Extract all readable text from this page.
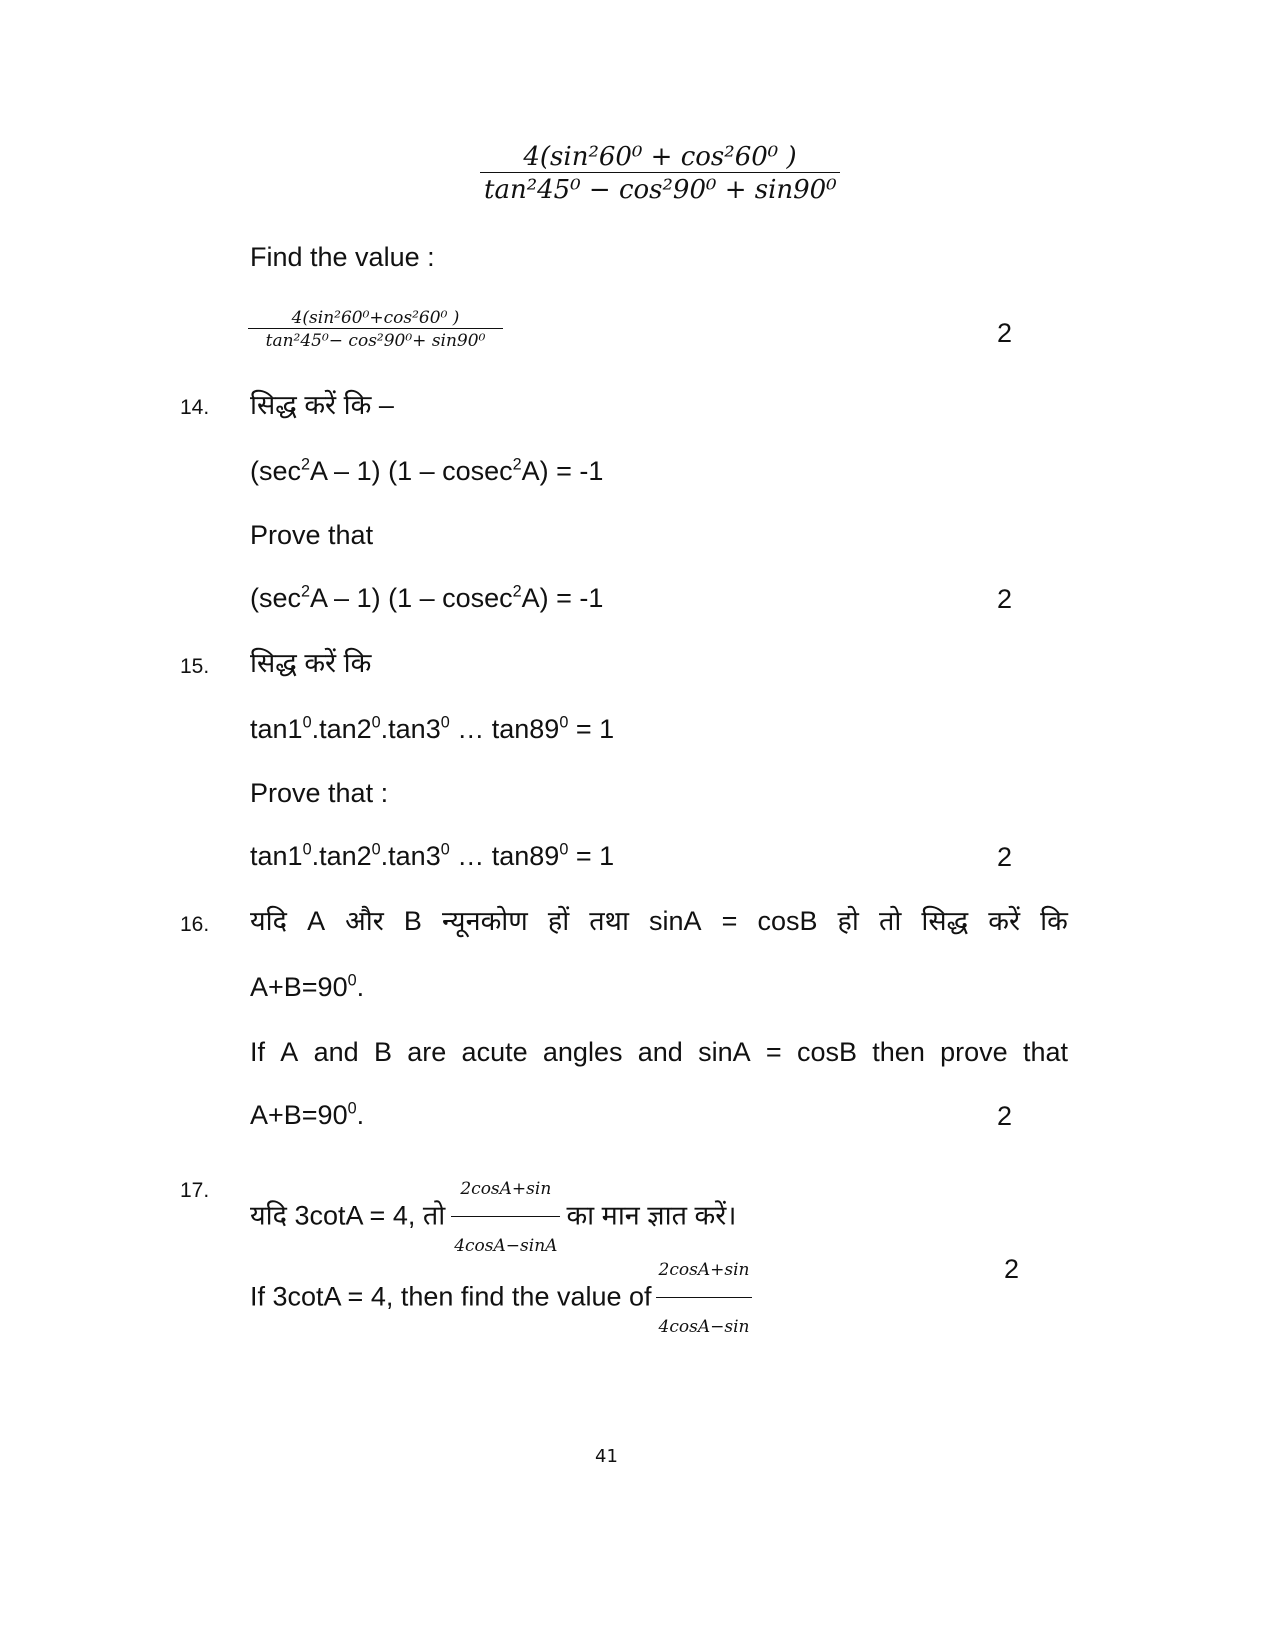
$\frac{\text{4(sin²60⁰ + cos²60⁰ )}}{\text{tan²45⁰ − cos²90⁰ + sin90⁰}}$
Find the value :
$\frac{\text{4(sin²60⁰+cos²60⁰ )}}{\text{tan²45⁰− cos²90⁰+ sin90⁰}}$	2
14. सिद्ध करें कि –
$(\sec^2A - 1)$ (1 – cosec$^2$A) = -1
Prove that
$(\sec^2A - 1)$ (1 – cosec$^2$A) = -1	2
15. सिद्ध करें कि
$\tan 1^0.\tan 2^0.\tan 3^0$ … $\tan 89^0 = 1$
Prove that :
$\tan 1^0.\tan 2^0.\tan 3^0$ … $\tan 89^0 = 1$	2
16. यदि A और B न्यूनकोण हों तथा sinA = cosB हो तो सिद्ध करें कि
$A+B=90^0$.
If A and B are acute angles and sinA = cosB then prove that
$A+B=90^0$.	2
17.
यदि 3cotA = 4, तो $\frac{2\cos A+\sin}{4\cos A-\sin A}$ का मान ज्ञात करें।
If 3cotA = 4, then find the value of $\frac{2\cos A+\sin}{4\cos A-\sin}$	2
41
